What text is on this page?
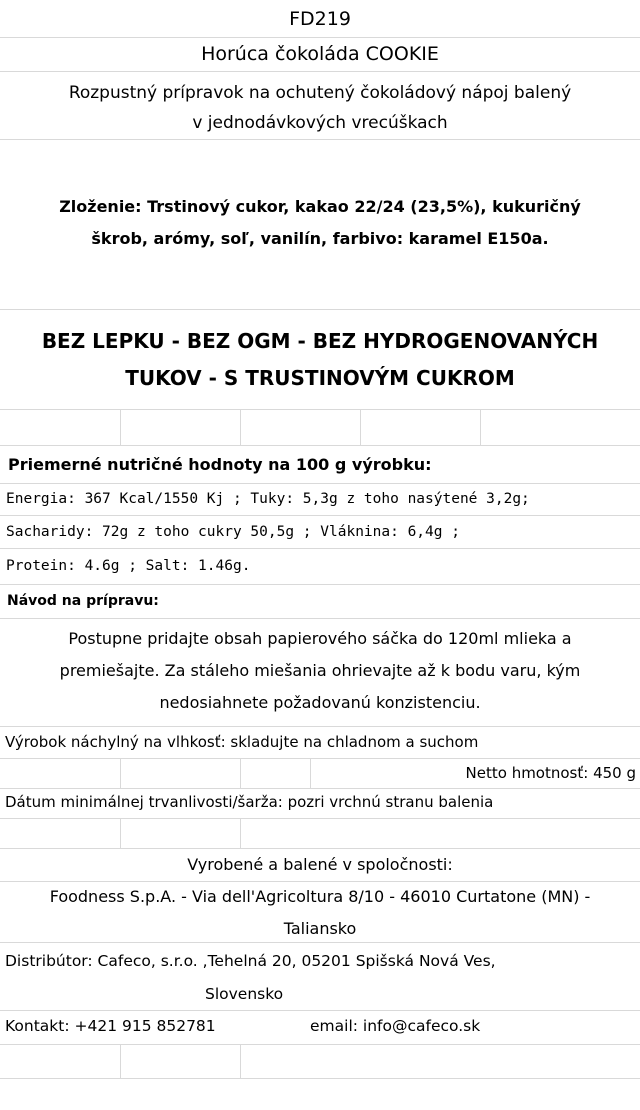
FD219
Horúca čokoláda COOKIE
Rozpustný prípravok na ochutený čokoládový nápoj balený
v jednodávkových vrecúškach
Zloženie: Trstinový cukor, kakao 22/24 (23,5%), kukuričný
škrob, arómy, soľ, vanilín, farbivo: karamel E150a.
BEZ LEPKU - BEZ OGM - BEZ HYDROGENOVANÝCH
TUKOV - S TRUSTINOVÝM CUKROM
Priemerné nutričné hodnoty na 100 g výrobku:
Energia: 367 Kcal/1550 Kj ; Tuky: 5,3g z toho nasýtené 3,2g;
Sacharidy: 72g z toho cukry 50,5g ; Vláknina: 6,4g ;
Protein: 4.6g ; Salt: 1.46g.
Návod na prípravu:
Postupne pridajte obsah papierového sáčka do 120ml mlieka a
premiešajte. Za stáleho miešania ohrievajte až k bodu varu, kým
nedosiahnete požadovanú konzistenciu.
Výrobok náchylný na vlhkosť: skladujte na chladnom a suchom
Netto hmotnosť: 450 g
Dátum minimálnej trvanlivosti/šarža: pozri vrchnú stranu balenia
Vyrobené a balené v spoločnosti:
Foodness S.p.A. - Via dell'Agricoltura 8/10 - 46010 Curtatone (MN) -
Taliansko
Distribútor: Cafeco, s.r.o. ,Tehelná 20, 05201 Spišská Nová Ves,
Slovensko
Kontakt: +421 915 852781	email: info@cafeco.sk
